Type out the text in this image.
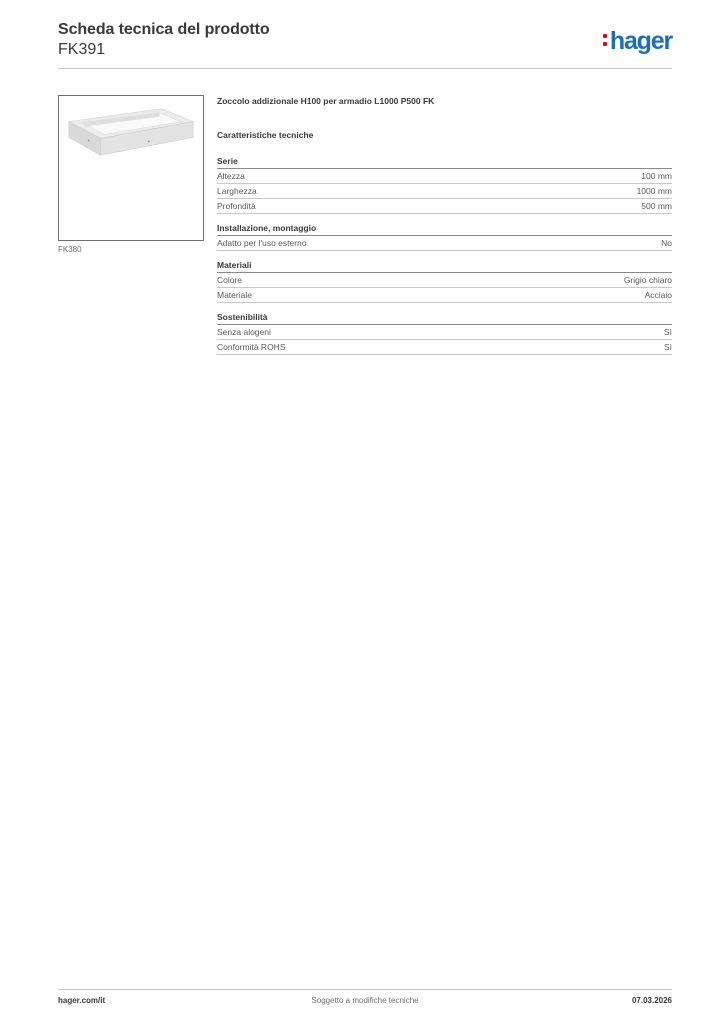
Scheda tecnica del prodotto
FK391	hager
FK380
Zoccolo addizionale H100 per armadio L1000 P500 FK
Caratteristiche tecniche
Serie
Altezza	100 mm
Larghezza	1000 mm
Profondità	500 mm
Installazione, montaggio
Adatto per l'uso esterno	No
Materiali
Colore	Grigio chiaro
Materiale	Acciaio
Sostenibilità
Senza alogeni	Sì
Conformità ROHS	Sì
hager.com/it	Soggetto a modifiche tecniche	07.03.2026
